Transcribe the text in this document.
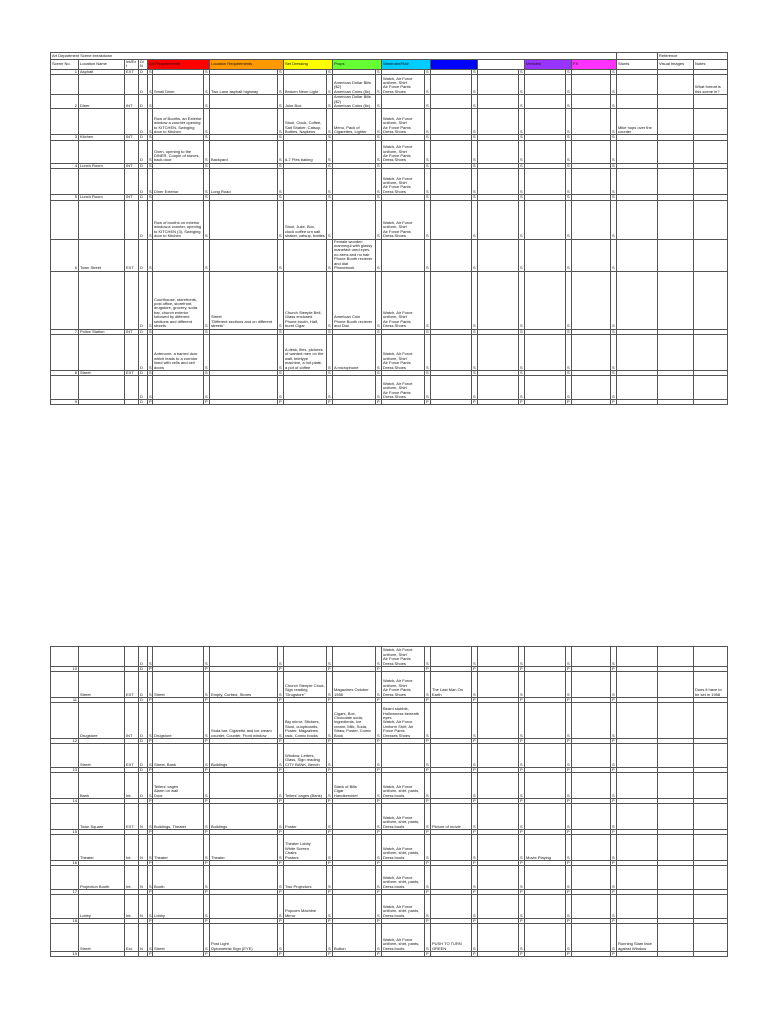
Art Department Scene breakdown																								Reference	
Scene No.	Location Name	Int/Ext	D/N	Art Requirements			Location Requirements		Set Dressing		Props		Wardrobe/Hair						Vehicles		FX		Stunts	Visual Images	Notes
1	Asphalt	EXT	D	S		S		S		S		S		S		S		S		S		S			
			D	S	Small Diner	S	Two Lane asphalt highway	S	Broken Neon Light	S	American Dollar Bills ($2)
American Coins (8c)	S	Watch, Air Force uniform, Shirt
Air Force Pants
Dress Shoes	S		S		S		S		S			What format is this scene in?
2	Diner	INT	D	S		S		S	Juke Box	S	American Dollar Bills ($2)
American Coins (8c)	S		S		S		S		S		S			
			D	S	Row of Booths, an Exterior window a counter opening to KITCHEN, Swinging door to Kitchen	S		S	Stool, Clock, Coffee, Salt Shaker, Catsup, Bottles, Napkens	S	Menu, Pack of Cigarettes, Lighter	S	Watch, Air Force uniform, Shirt
Air Force Pants
Dress Shoes	S		S		S		S		S	Mike hops over the counter		
3	Kitchen	INT	D	S		S		S		S		S		S		S		S		S		S			
			D	S	Oven, opening to the DINER, Couple of stoves, back door	S	Backyard	S	6-7 Pies baking	S		S	Watch, Air Force uniform, Shirt
Air Force Pants
Dress Shoes	S		S		S		S		S			
4	Lunch Room	INT	D	S		S		S		S		S		S		S		S		S		S			
			D	S	Diner Exterior	S	Long Road	S		S		S	Watch, Air Force uniform, Shirt
Air Force Pants
Dress Shoes	S		S		S		S		S			
5	Lunch Room	INT	D	S		S		S		S		S		S		S		S		S		S			
			D	S	Row of booths on exterior window,a counter, opening to KITCHEN (3), Swinging door to Kitchen	S		S	Stool, Juke, Box, clock coffee urn salt shaker, catsup, bottles	S		S	Watch, Air Force uniform, Shirt
Air Force Pants
Dress Shoes	S		S		S		S		S			
6	Town Street	EXT	D	S		S		S		S	Female wooden mannequi with glassy manefact ured eyes, no arms and no hair
Phone Booth reciever and dial
Phonebook	S		S		S		S		S		S			
			D	S	Courthouse, storefronts, post office, storefront, drugstore, grocery, soda bar, church exterior followed by different sections and different streets	S	Street
"Different sections and on different streets"	S	Church Steeple Bell, Glass enclosed Phone booth, Half, burnt Cigar	S	American Coin
Phone Booth reciever and Dial	S	Watch, Air Force uniform, Shirt
Air Force Pants
Dress Shoes	S		S		S		S		S			
7	Police Station	INT	D	S		S		S		S		S		S		S		S		S		S			
			D	S	Anteroom, a barred door which leads to a corridor lined with cells and cell doors	S		S	A desk, files, pictures of wanted men on the wall, teletype machine, a hot plate, a pot of coffee	S	A microphone	S	Watch, Air Force uniform, Shirt
Air Force Pants
Dress Shoes	S		S		S		S		S			
8	Street	EXT	D	S		S		S		S		S		S		S		S		S		S			
			D	S		S		S		S		S	Watch, Air Force uniform, Shirt
Air Force Pants
Dress Shoes	S		S		S		S		S			
9			D	P		P		P		P		P		P		P		P		P		P			
			D	S		S		S		S		S	Watch, Air Force uniform, Shirt
Air Force Pants
Dress Shoes	S		S		S		S		S			
10			D	P		P		P		P		P		P		P		P		P		P			
	Street	EXT	D	S	Street	S	Empty, Curbed, Stores	S	Church Steeple Clock, Sign reading "Drugstore"	S	Magazines October 1958	S	Watch, Air Force uniform, Shirt
Air Force Pants
Dress Shoes	S	The Last Man On Earth	S		S		S		S			Does it have to be set in 1958
11			D	P		P		P		P		P		P		P		P		P		P			
	Drugstore	INT	D	S	Drugstore	S	Soda bar, Cigarette and ice cream counter, Counter, Front window	S	Big mirror, Stickers, Stool, cuopboards, Poster, Magazines rack, Comic books	S	Cigars, Box, Chocolate soda, Ingredients, Ice cream, Milk, Soda, Straw, Poster, Comic Book	S	Beard stubble, Hollowness beneath eyes
Watch, Air Force Uniform Shirt, Air Force Pants
Dresses Shoes	S		S		S		S		S			
12			D	P		P		P		P		P		P		P		P		P		P			
	Street	EXT	D	S	Street, Bank	S	Buildings	S	Window, Letters, Glass, Sign reading CITY BANK, Bench	S		S		S		S		S		S		S			
13			D	P		P		P		P		P		P		P		P		P		P			
	Bank	Int.	D	S	Tellers' cages
Alarm on wall
Door	S		S	Tellers' cages (Bank)	S	Stack of Bills
Cigar
Handkerchief	S	Watch, Air Force uniform, shirt, pants, Dress boots	S		S		S		S		S			
14				P		P		P		P		P		P		P		P		P		P			
	Town Square	EXT.	N	S	Buildings, Theater	S	Buildings	S	Poster	S		S	Watch, Air Force uniform, shirt, pants, Dress boots	S	Picture of movie	S		S		S		S			
15				P		P		P		P		P		P		P		P		P		P			
	Theater	Int.	N	S	Theater	S	Theater	S	Theater Lobby
White Screen
Chairs
Posters	S		S	Watch, Air Force uniform, shirt, pants, Dress boots	S		S		S	Movie Playing	S		S			
16				P		P		P		P		P		P		P		P		P		P			
	Projection Booth	Int.	N	S	Booth	S		S	Two Projectors	S		S	Watch, Air Force uniform, shirt, pants, Dress boots	S		S		S		S		S			
17				P		P		P		P		P		P		P		P		P		P			
	Lobby	Int.	N	S	Lobby	S		S	Popcorn Machine
Mirror	S		S	Watch, Air Force uniform, shirt, pants, Dress boots	S		S		S		S		S			
18				P		P		P		P		P		P		P		P		P		P			
	Street	Ext.	N	S	Street	S	Post Light
Optometrist Sign (EYE)	S		S	Button	S	Watch, Air Force uniform, shirt, pants, Dress boots	S	PUSH TO TURN GREEN	S		S		S		S	Running Slam face against Window		
19				P		P		P		P		P		P		P		P		P		P			
